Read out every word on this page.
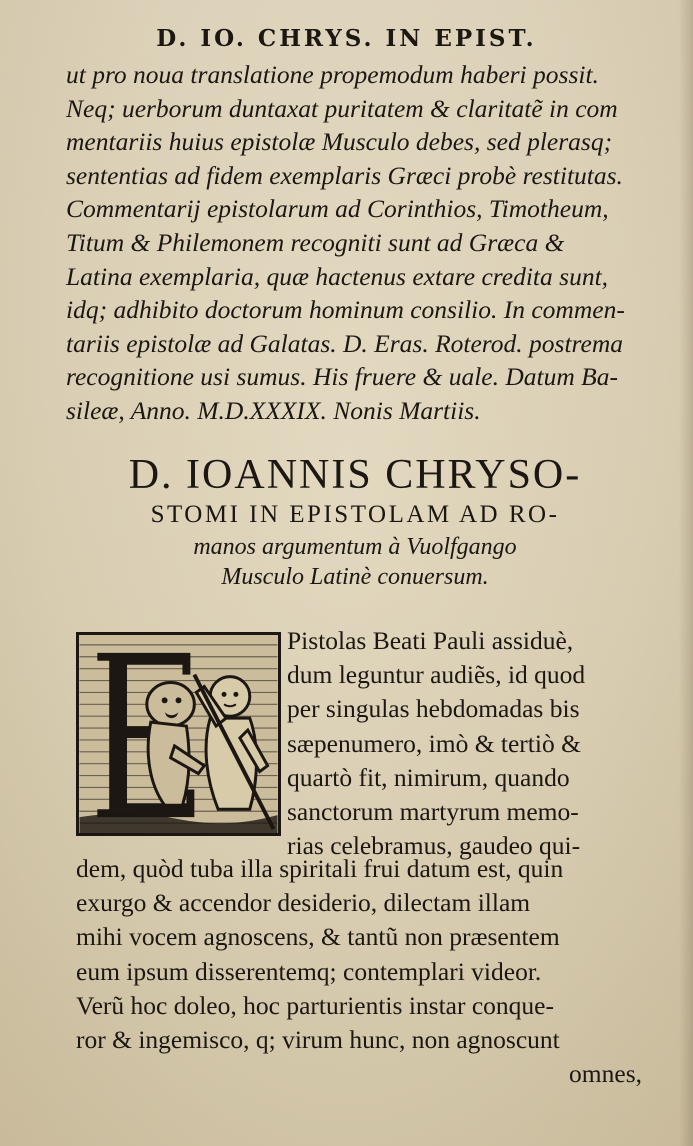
D. IO. CHRYS. IN EPIST.
ut pro noua translatione propemodum haberi possit.
Neq; uerborum duntaxat puritatem & claritatẽ in com
mentariis huius epistolæ Musculo debes, sed plerasq;
sententias ad fidem exemplaris Græci probè restitutas.
Commentarij epistolarum ad Corinthios, Timotheum,
Titum & Philemonem recogniti sunt ad Græca &
Latina exemplaria, quæ hactenus extare credita sunt,
idq; adhibito doctorum hominum consilio. In commen-
tariis epistolæ ad Galatas. D. Eras. Roterod. postrema
recognitione usi sumus. His fruere & uale. Datum Ba-
sileæ, Anno. M.D.XXXIX. Nonis Martiis.
D. IOANNIS CHRYSO-
STOMI IN EPISTOLAM AD RO-
manos argumentum à Vuolfgango
Musculo Latinè conuersum.
Pistolas Beati Pauli assiduè,
dum leguntur audiẽs, id quod
per singulas hebdomadas bis
sæpenumero, imò & tertiò &
quartò fit, nimirum, quando
sanctorum martyrum memo-
rias celebramus, gaudeo qui-
dem, quòd tuba illa spiritali frui datum est, quin
exurgo & accendor desiderio, dilectam illam
mihi vocem agnoscens, & tantũ non præsentem
eum ipsum disserentemq; contemplari videor.
Verũ hoc doleo, hoc parturientis instar conque-
ror & ingemisco, q; virum hunc, non agnoscunt
omnes,
